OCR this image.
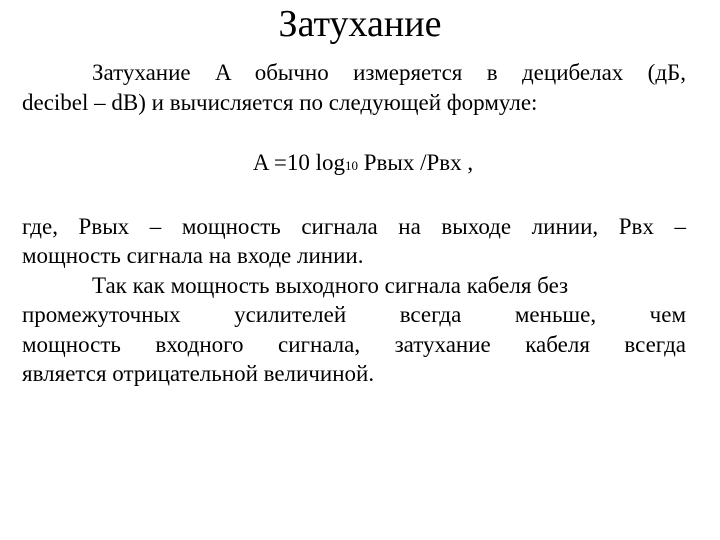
Затухание
Затухание A обычно измеряется в децибелах (дБ,
decibel – dB) и вычисляется по следующей формуле:
A =10 log10 Рвых /Рвх ,
где, Рвых – мощность сигнала на выходе линии, Рвх –
мощность сигнала на входе линии.
Так как мощность выходного сигнала кабеля без
промежуточных усилителей всегда меньше, чем
мощность входного сигнала, затухание кабеля всегда
является отрицательной величиной.
